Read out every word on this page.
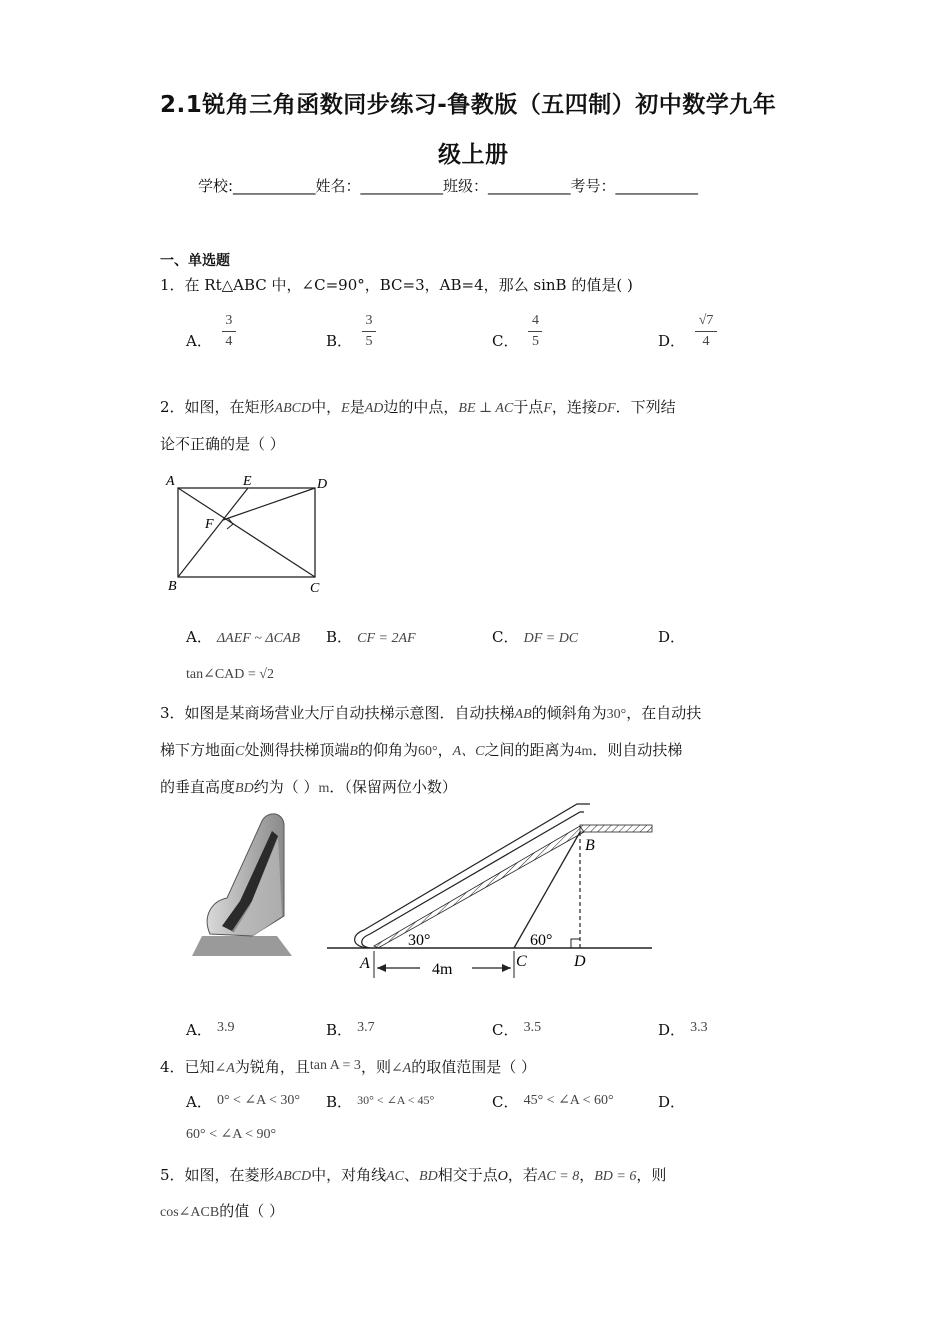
2.1锐角三角函数同步练习-鲁教版（五四制）初中数学九年
级上册
学校:___________姓名：___________班级：___________考号：___________
一、单选题
1．在 Rt△ABC 中，∠C=90°，BC=3，AB=4，那么 sinB 的值是( )
A． $\frac{3}{4}$	B． $\frac{3}{5}$	C． $\frac{4}{5}$	D． $\frac{√7}{4}$
2．如图，在矩形ABCD中，E是AD边的中点，BE ⊥ AC于点F，连接DF．下列结
论不正确的是（ ）
A	E	D
F
B	C
A． ΔAEF ~ ΔCAB B． CF = 2AF	C． DF = DC	D．
tan∠CAD = √2
3．如图是某商场营业大厅自动扶梯示意图．自动扶梯AB的倾斜角为30°，在自动扶
梯下方地面C处测得扶梯顶端B的仰角为60°，A、C之间的距离为4m．则自动扶梯
的垂直高度BD约为（ ）m．（保留两位小数）
30°	60°
A	C	D
B
4m
A． 3.9	B． 3.7	C． 3.5	D． 3.3
4．已知∠A为锐角，且tan A = 3，则∠A的取值范围是（ ）
A． 0° < ∠A < 30° B． 30° < ∠A < 45°	C． 45° < ∠A < 60°	D．
60° < ∠A < 90°
5．如图，在菱形ABCD中，对角线AC、BD相交于点O，若AC = 8，BD = 6，则
cos∠ACB的值（ ）
